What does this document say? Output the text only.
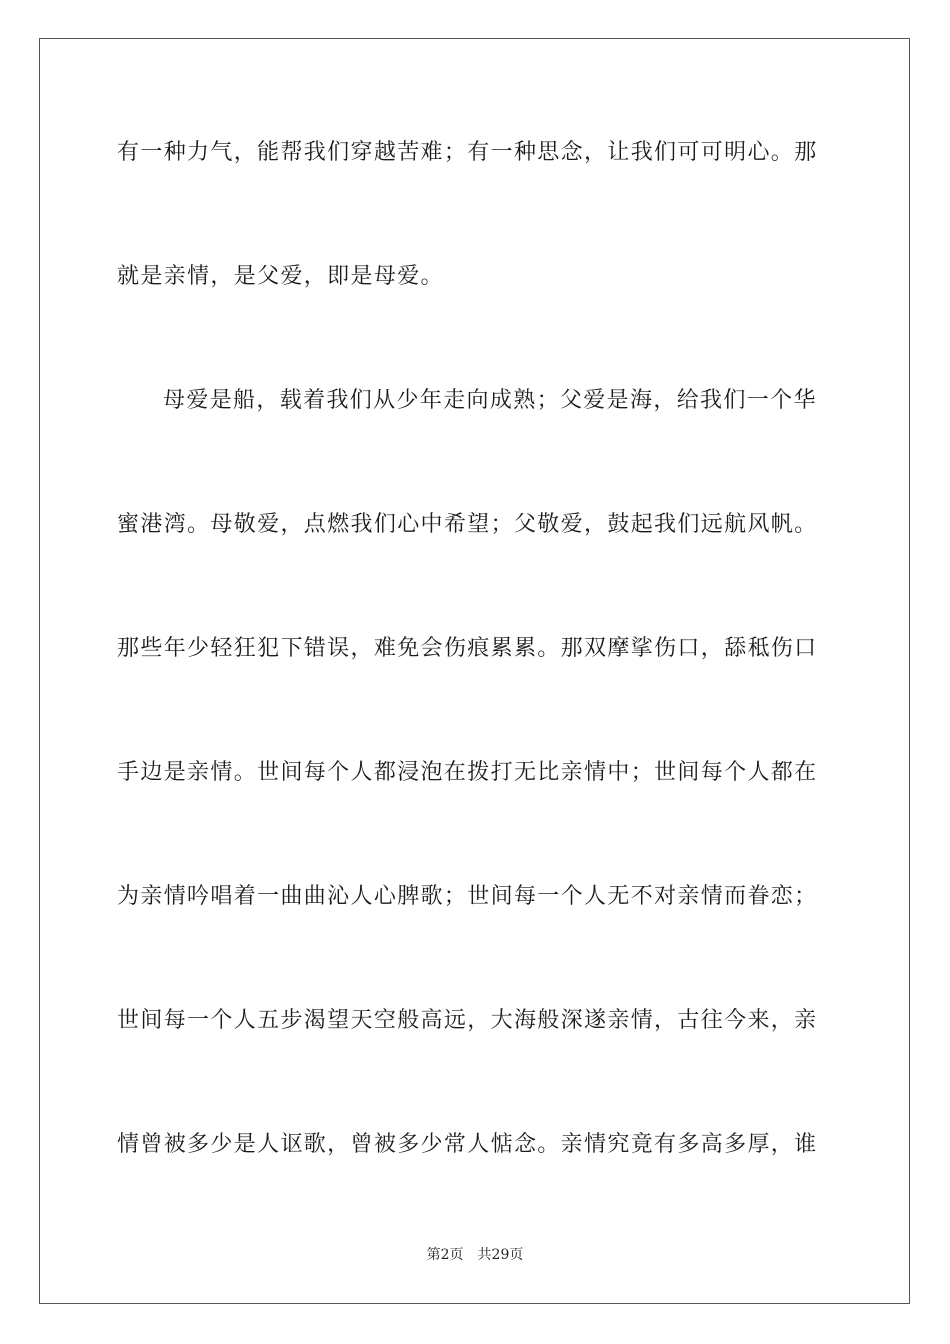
有一种力气，能帮我们穿越苦难；有一种思念，让我们可可明心。那
就是亲情，是父爱，即是母爱。
母爱是船，载着我们从少年走向成熟；父爱是海，给我们一个华
蜜港湾。母敬爱，点燃我们心中希望；父敬爱，鼓起我们远航风帆。
那些年少轻狂犯下错误，难免会伤痕累累。那双摩挲伤口，舔秪伤口
手边是亲情。世间每个人都浸泡在拨打无比亲情中；世间每个人都在
为亲情吟唱着一曲曲沁人心脾歌；世间每一个人无不对亲情而眷恋；
世间每一个人五步渴望天空般高远，大海般深遂亲情，古往今来，亲
情曾被多少是人讴歌，曾被多少常人惦念。亲情究竟有多高多厚，谁
第2页 共29页
